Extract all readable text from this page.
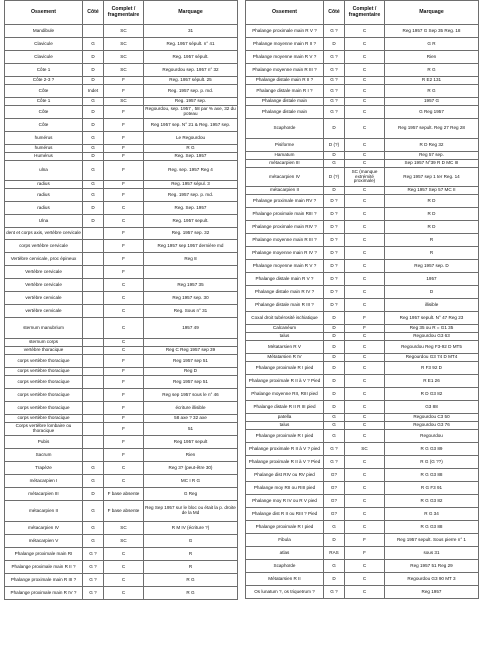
Ossement	Côté	Complet / fragmentaire	Marquage
Mandibule		SC	31
Clavicule	G	SC	Reg. 1957 sépult. n° 41
Clavicule	D	SC	Reg. 1957 sépult.
Côte 1	D	SC	Regourdou sep. 1957 n° 32
Côte 2-3 ?	D	F	Reg. 1957 sépult. 25
Côte	Indet	F	Reg. 1957 sep. p. md.
Côte 1	G	SC	Reg. 1957 sep.
Côte	D	F	Regourdou, sep. 1957 , 58 par % axe, 32 du poteau
Côte	D	F	Reg 1957 sep. N° 21 & Reg. 1957 sep.
humérus	G	F	Le Regourdou
humérus	G	F	R G
Humérus	D	F	Reg. Sep. 1957
ulna	G	F	Reg. sep. 1957 Reg 4
radius	G	F	Reg. 1957 sépul. 3
radius	G	F	Reg. 1957 sep. p. md.
radius	D	C	Reg. Sep. 1957
Ulna	D	C	Reg. 1957 sepult.
dent et corps axis, vertèbre cervicale		F	Reg. 1957 sep. 32
corps vertèbre cervicale		F	Reg 1957 sep 1957 dernière md
Vertèbre cervicale, proc épineux		F	Reg 8
Vertèbre cervicale		F	
Vertèbre cervicale		C	Reg 1957 35
vertèbre cervicale		C	Reg 1957 sep. 30
vertèbre cervicale		C	Reg. Sous n° 31
sternum manubrium		C	1957 49
sternum corps		C	
vertèbre thoracique		C	Reg C Reg 1957 sep 39
corps vertèbre thoracique		F	Reg 1957 sep 51
corps vertèbre thoracique		F	Reg D
corps vertèbre thoracique		F	Reg 1957 sep 51
corps vertèbre thoracique		F	Reg sep 1957 sous le n° 46
corps vertèbre thoracique		F	écriture illisible
corps vertèbre thoracique		F	58 axe ? 32 axe
Corps vertèbre lombaire ou thoracique		F	51
Pubis		F	Reg 1957 sepult
Sacrum		F	Rien
Trapèze	G	C	Reg 3? (peut-être 30)
métacarpien I	G	C	MC I R G
métacarpien III	D	F base absente	G Reg
métacarpien II	G	F base absente	Reg Sep 1957 sur le bloc ou était la p. droite de la Md
métacarpien IV	G	SC	R M IV (écriture ?)
métacarpien V	G	SC	G
Phalange proximale main RI	G ?	C	R
Phalange proximale main R II ?	G ?	C	R
Phalange proximale main R III ?	G ?	C	R G
Phalange proximale main R IV ?	G ?	C	R G
Ossement	Côté	Complet / fragmentaire	Marquage
Phalange proximale main R V ?	G ?	C	Reg 1957 G Sep 35 Reg. 18
Phalange moyenne main R II ?	D	C	G R
Phalange moyenne main R V ?	G ?	C	Rien
Phalange moyenne main R III ?	G ?	C	R G
Phalange distale main R II ?	G ?	C	R E2 131
Phalange distale main R I ?	G ?	C	R G
Phalange distale main	G ?	C	1957 G
Phalange distale main	G ?	C	G Reg 1957
Scaphoïde	D	C	Reg 1957 sepult. Reg 27 Reg 28
Pisiforme	D (?)	C	R D Reg 32
Hamatum	D	C	Reg 57 sep.
métacarpien III	G	C	Sep 1957 N°39 R D MC III
métacarpien IV	D (?)	SC (manque extrémité proximale)	Reg 1957 sep 1 ter Reg. 14
métacarpien II	D	C	Reg 1957 Sep 57 MC II
Phalange proximale main RV ?	D ?	C	R D
Phalange proximale main RIII ?	D ?	C	R D
Phalange proximale main RIV ?	D ?	C	R D
Phalange moyenne main R III ?	D ?	C	R
Phalange moyenne main R IV ?	D ?	C	R
Phalange moyenne main R V ?	D ?	C	Reg 1957 sep. D
Phalange distale main R V ?	D ?	C	1957
Phalange distale main R IV ?	D ?	C	D
Phalange distale main R III ?	D ?	C	illisible
Coxal droit tubérosité ischiatique	D	F	Reg 1957 sepult. N° 47 Reg 23
Calcanéum	D	F	Reg 35 ou R = G1 35
talus	D	C	Regourdou G3 63
Métatarsien R V	D	C	Regourdou Reg F3-92 D MT5
Métatarsien R IV	D	C	Regourdou G3 74 D MT4
Phalange proximale R I pied	D	C	R F3 92 D
Phalange proximale R II à V ? Pied	D	C	R E1 26
Phalange moyenne RII, RIII pied	D	C	R D G3 82
Phalange distale R II R III pied	D	C	G3 88
patella	G	C	Regourdou C3 50
talus	G	C	Regourdou G3 76
Phalange proximale R I pied	G	C	Regourdou
Phalange proximale R II à V ? pied	G ?	SC	R G G3 89
Phalange proximale R II à V ? Pied	G ?	C	R G (G ??)
Phalange dist RIV ou RV pied	G?	C	R G G3 88
Phalange moy RII ou RIII pied	G?	C	R G F3 91
Phalange moy R IV ou R V pied	G?	C	R G G3 82
Phalange dist R II ou RIII ? Pied	G?	C	R G 34
Phalange proximale R I pied	G	C	R G G3 88
Fibula	D	F	Reg 1957 sepult. Sous pierre n° 1
atlas	RAS	F	sous 31
Scaphoïde	G	C	Reg 1957 51 Reg 29
Métatarsien R II	D	C	Regourdou G3 90 MT 3
Os lunatum ?, os triquetrum ?	G ?	C	Reg 1957
